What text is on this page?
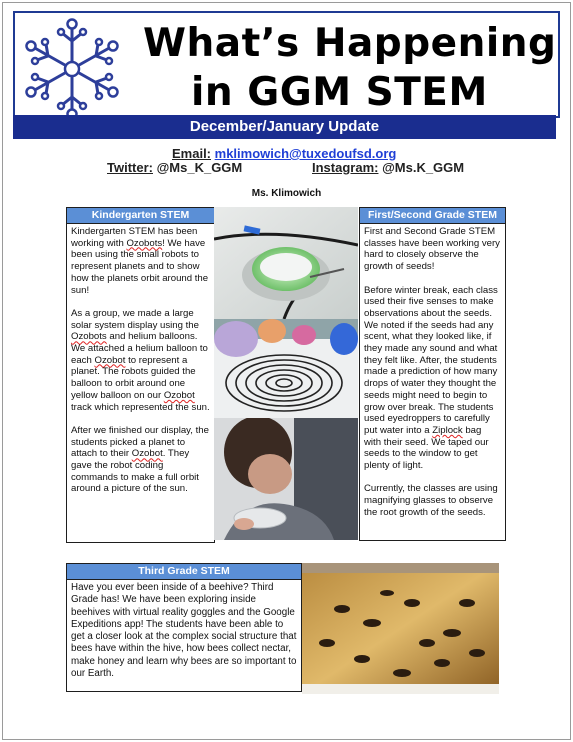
What’s Happening
in GGM STEM
December/January Update
Email: mklimowich@tuxedoufsd.org
Twitter: @Ms_K_GGM	Instagram: @Ms.K_GGM
Ms. Klimowich
Kindergarten STEM

Kindergarten STEM has been working with Ozobots! We have been using the small robots to represent planets and to show how the planets orbit around the sun!

As a group, we made a large solar system display using the Ozobots and helium balloons. We attached a helium balloon to each Ozobot to represent a planet. The robots guided the balloon to orbit around one yellow balloon on our Ozobot track which represented the sun.

After we finished our display, the students picked a planet to attach to their Ozobot. They gave the robot coding commands to make a full orbit around a picture of the sun.

First/Second Grade STEM

First and Second Grade STEM classes have been working very hard to closely observe the growth of seeds!

Before winter break, each class used their five senses to make observations about the seeds. We noted if the seeds had any scent, what they looked like, if they made any sound and what they felt like. After, the students made a prediction of how many drops of water they thought the seeds might need to begin to grow over break. The students used eyedroppers to carefully put water into a Ziplock bag with their seed. We taped our seeds to the window to get plenty of light.

Currently, the classes are using magnifying glasses to observe the root growth of the seeds.

Third Grade STEM
Have you ever been inside of a beehive? Third Grade has! We have been exploring inside beehives with virtual reality goggles and the Google Expeditions app! The students have been able to get a closer look at the complex social structure that bees have within the hive, how bees collect nectar, make honey and learn why bees are so important to our Earth.
